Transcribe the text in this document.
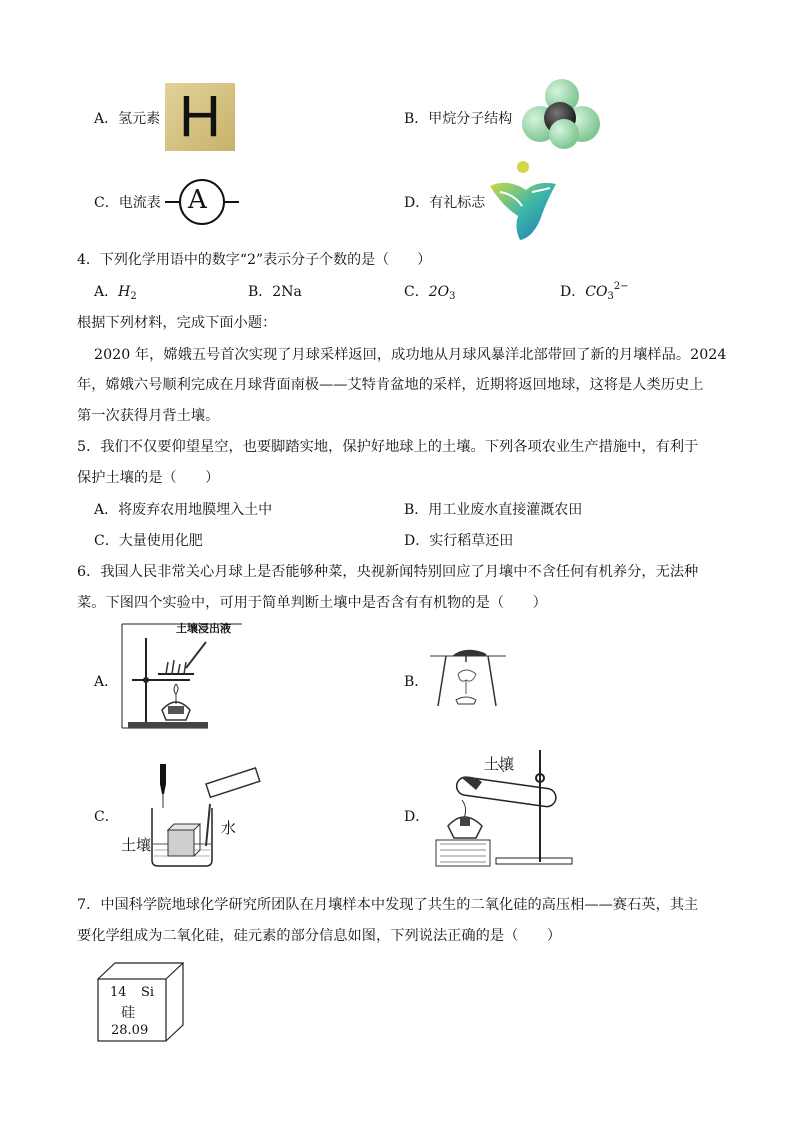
A．氢元素 H	B．甲烷分子结构
C．电流表 A	D．有礼标志
4．下列化学用语中的数字“2”表示分子个数的是（　　）
A．$H_2$	B．2Na	C．$2O_3$	D．$CO_3^{2-}$
根据下列材料，完成下面小题：
2020 年，嫦娥五号首次实现了月球采样返回，成功地从月球风暴洋北部带回了新的月壤样品。2024
年，嫦娥六号顺利完成在月球背面南极——艾特肯盆地的采样，近期将返回地球，这将是人类历史上
第一次获得月背土壤。
5．我们不仅要仰望星空，也要脚踏实地，保护好地球上的土壤。下列各项农业生产措施中，有利于
保护土壤的是（　　）
A．将废弃农用地膜埋入土中	B．用工业废水直接灌溉农田
C．大量使用化肥	D．实行稻草还田
6．我国人民非常关心月球上是否能够种菜，央视新闻特别回应了月壤中不含任何有机养分，无法种
菜。下图四个实验中，可用于简单判断土壤中是否含有有机物的是（　　）
A．
土壤浸出液
B．
C．
土壤
水
D．
土壤
7．中国科学院地球化学研究所团队在月壤样本中发现了共生的二氧化硅的高压相——赛石英，其主
要化学组成为二氧化硅，硅元素的部分信息如图，下列说法正确的是（　　）
14 Si
硅
28.09
